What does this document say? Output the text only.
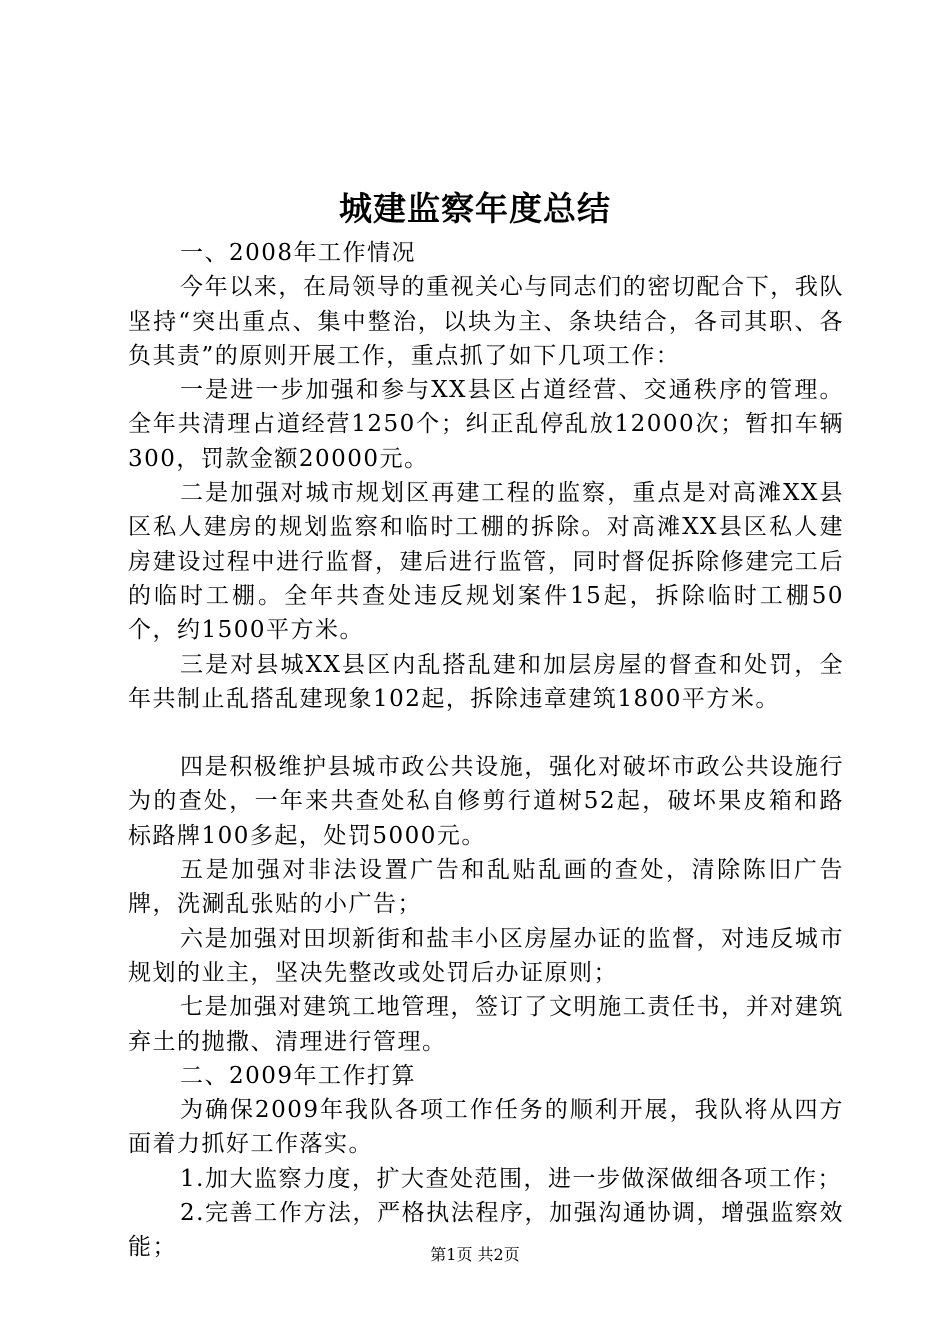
城建监察年度总结

一、2008年工作情况

今年以来，在局领导的重视关心与同志们的密切配合下，我队坚持“突出重点、集中整治，以块为主、条块结合，各司其职、各负其责”的原则开展工作，重点抓了如下几项工作：

一是进一步加强和参与XX县区占道经营、交通秩序的管理。全年共清理占道经营1250个；纠正乱停乱放12000次；暂扣车辆300，罚款金额20000元。

二是加强对城市规划区再建工程的监察，重点是对高滩XX县区私人建房的规划监察和临时工棚的拆除。对高滩XX县区私人建房建设过程中进行监督，建后进行监管，同时督促拆除修建完工后的临时工棚。全年共查处违反规划案件15起，拆除临时工棚50个，约1500平方米。

三是对县城XX县区内乱搭乱建和加层房屋的督查和处罚，全年共制止乱搭乱建现象102起，拆除违章建筑1800平方米。

四是积极维护县城市政公共设施，强化对破坏市政公共设施行为的查处，一年来共查处私自修剪行道树52起，破坏果皮箱和路标路牌100多起，处罚5000元。

五是加强对非法设置广告和乱贴乱画的查处，清除陈旧广告牌，洗涮乱张贴的小广告；

六是加强对田坝新街和盐丰小区房屋办证的监督，对违反城市规划的业主，坚决先整改或处罚后办证原则；

七是加强对建筑工地管理，签订了文明施工责任书，并对建筑弃土的抛撒、清理进行管理。

二、2009年工作打算

为确保2009年我队各项工作任务的顺利开展，我队将从四方面着力抓好工作落实。

1.加大监察力度，扩大查处范围，进一步做深做细各项工作；

2.完善工作方法，严格执法程序，加强沟通协调，增强监察效能；	第1页 共2页
